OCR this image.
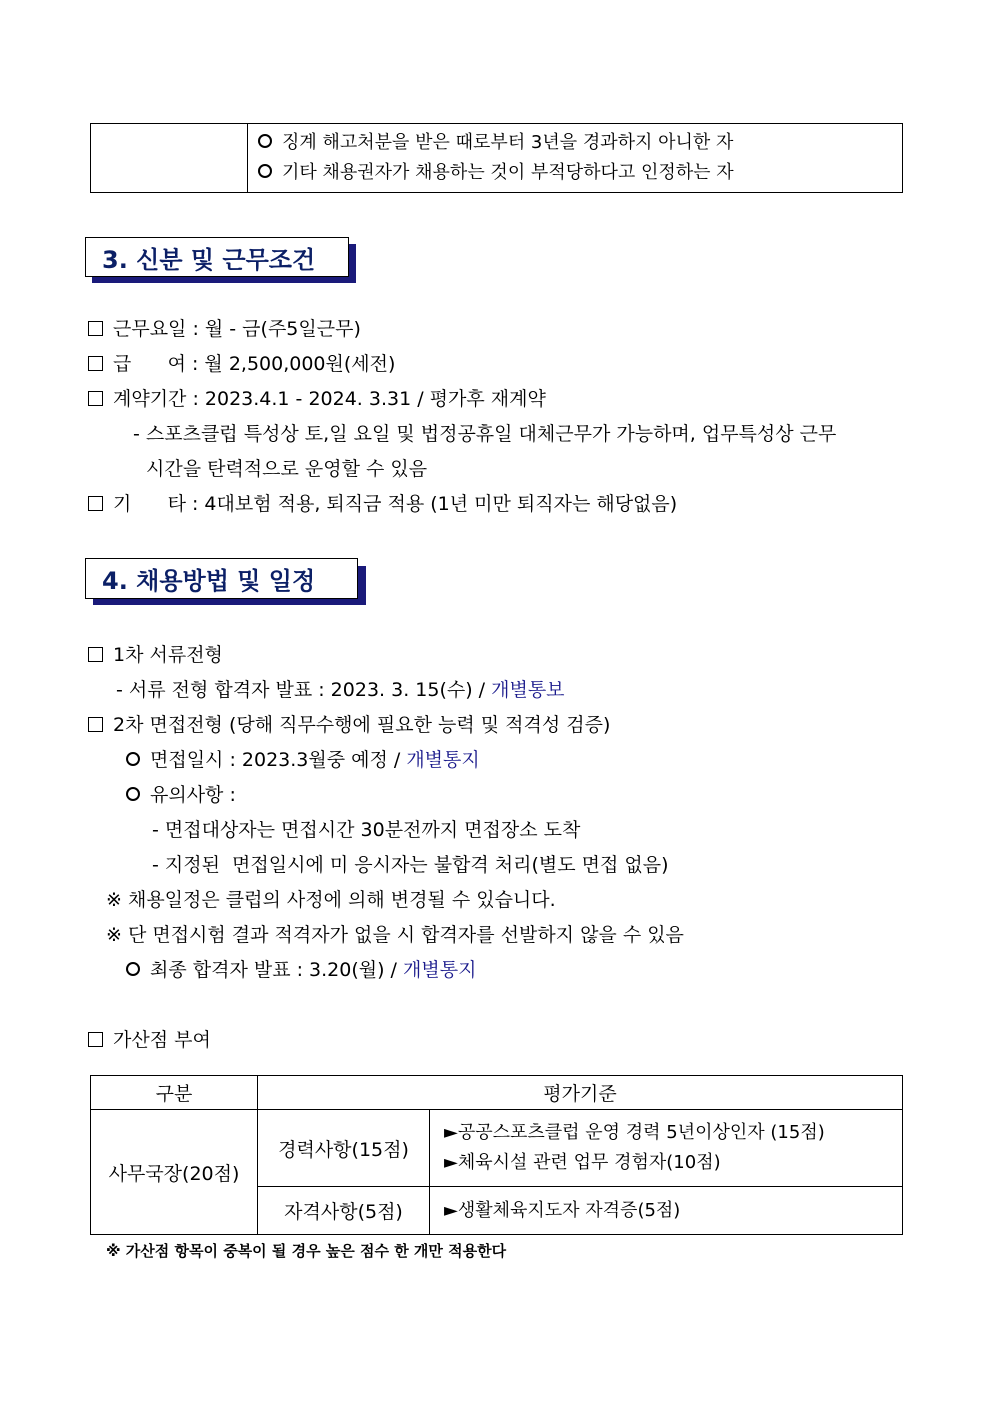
징계 해고처분을 받은 때로부터 3년을 경과하지 아니한 자
기타 채용권자가 채용하는 것이 부적당하다고 인정하는 자
3. 신분 및 근무조건
근무요일 : 월 - 금(주5일근무)
급      여 : 월 2,500,000원(세전)
계약기간 : 2023.4.1 - 2024. 3.31 / 평가후 재계약
- 스포츠클럽 특성상 토,일 요일 및 법정공휴일 대체근무가 가능하며, 업무특성상 근무
시간을 탄력적으로 운영할 수 있음
기      타 : 4대보험 적용, 퇴직금 적용 (1년 미만 퇴직자는 해당없음)
4. 채용방법 및 일정
1차 서류전형
- 서류 전형 합격자 발표 : 2023. 3. 15(수) / 개별통보
2차 면접전형 (당해 직무수행에 필요한 능력 및 적격성 검증)
면접일시 : 2023.3월중 예정 / 개별통지
유의사항 :
- 면접대상자는 면접시간 30분전까지 면접장소 도착
- 지정된  면접일시에 미 응시자는 불합격 처리(별도 면접 없음)
※ 채용일정은 클럽의 사정에 의해 변경될 수 있습니다.
※ 단 면접시험 결과 적격자가 없을 시 합격자를 선발하지 않을 수 있음
최종 합격자 발표 : 3.20(월) / 개별통지
가산점 부여
구분	평가기준	
사무국장(20점)	경력사항(15점)	►공공스포츠클럽 운영 경력 5년이상인자 (15점)
►체육시설 관련 업무 경험자(10점)

	자격사항(5점)	►생활체육지도자 자격증(5점)
※ 가산점 항목이 중복이 될 경우 높은 점수 한 개만 적용한다
